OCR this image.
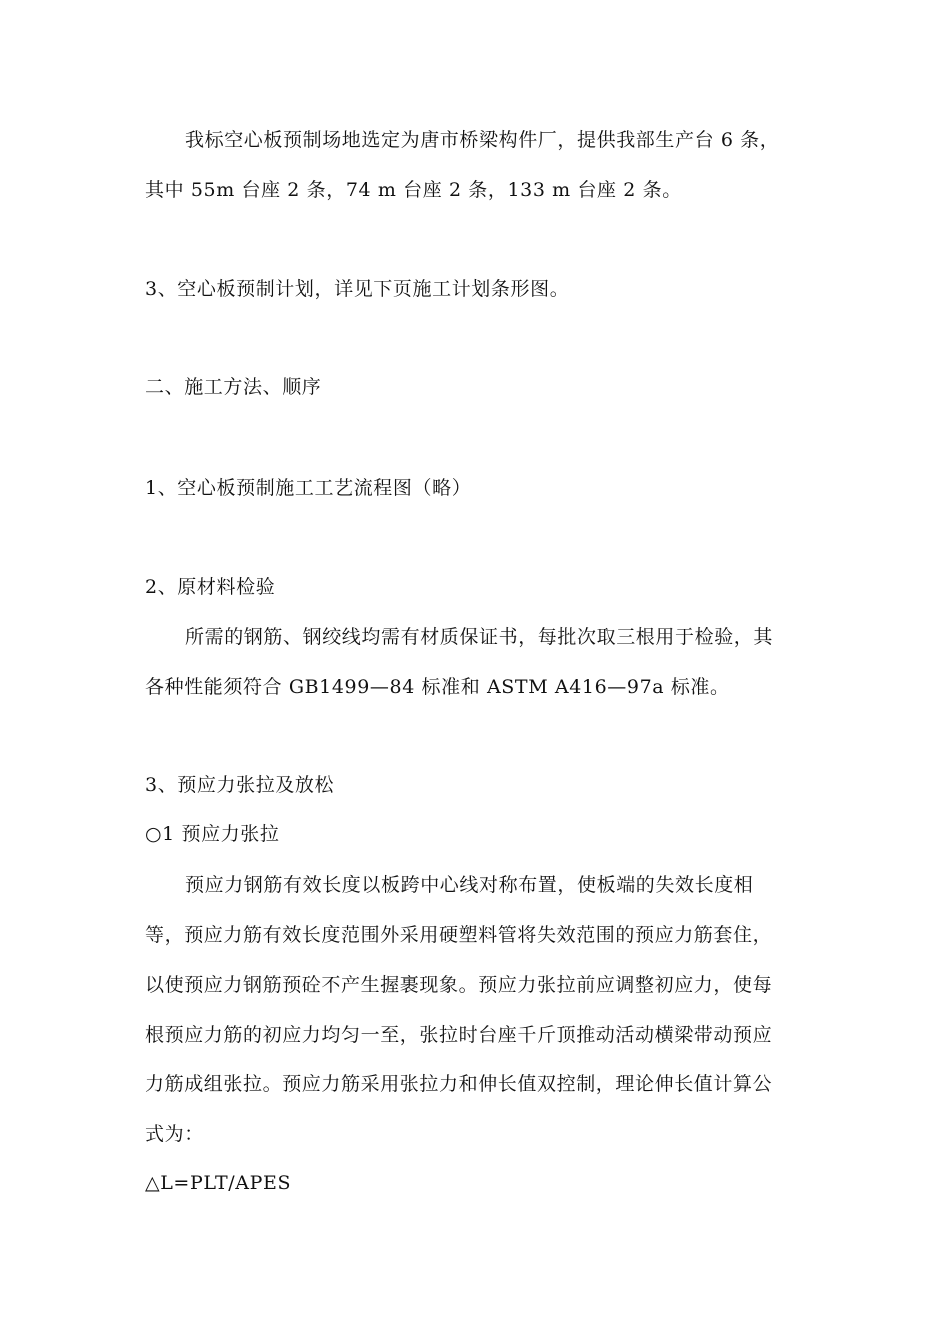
我标空心板预制场地选定为唐市桥梁构件厂，提供我部生产台 6 条，

其中 55m 台座 2 条，74 m 台座 2 条，133 m 台座 2 条。

3、空心板预制计划，详见下页施工计划条形图。

二、施工方法、顺序

1、空心板预制施工工艺流程图（略）

2、原材料检验

所需的钢筋、钢绞线均需有材质保证书，每批次取三根用于检验，其

各种性能须符合 GB1499—84 标准和 ASTM A416—97a 标准。

3、预应力张拉及放松

○1 预应力张拉

预应力钢筋有效长度以板跨中心线对称布置，使板端的失效长度相

等，预应力筋有效长度范围外采用硬塑料管将失效范围的预应力筋套住，

以使预应力钢筋预砼不产生握裹现象。预应力张拉前应调整初应力，使每

根预应力筋的初应力均匀一至，张拉时台座千斤顶推动活动横梁带动预应

力筋成组张拉。预应力筋采用张拉力和伸长值双控制，理论伸长值计算公

式为：

△L=PLT/APES
